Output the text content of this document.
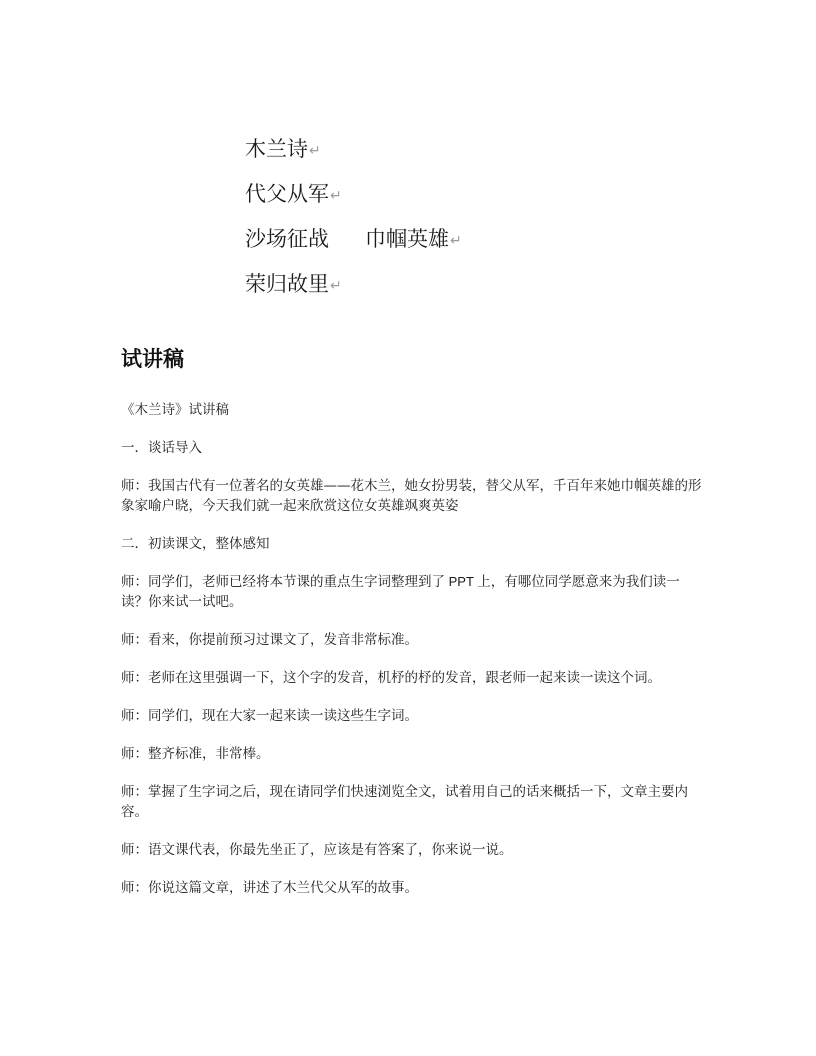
木兰诗↵
代父从军↵
沙场征战 巾帼英雄↵
荣归故里↵
试讲稿

《木兰诗》试讲稿

一．谈话导入

师：我国古代有一位著名的女英雄——花木兰，她女扮男装，替父从军，千百年来她巾帼英雄的形象家喻户晓，今天我们就一起来欣赏这位女英雄飒爽英姿

二．初读课文，整体感知

师：同学们，老师已经将本节课的重点生字词整理到了 PPT 上，有哪位同学愿意来为我们读一读？你来试一试吧。

师：看来，你提前预习过课文了，发音非常标准。

师：老师在这里强调一下，这个字的发音，机杼的杼的发音，跟老师一起来读一读这个词。

师：同学们，现在大家一起来读一读这些生字词。

师：整齐标准，非常棒。

师：掌握了生字词之后，现在请同学们快速浏览全文，试着用自己的话来概括一下，文章主要内容。

师：语文课代表，你最先坐正了，应该是有答案了，你来说一说。

师：你说这篇文章，讲述了木兰代父从军的故事。
